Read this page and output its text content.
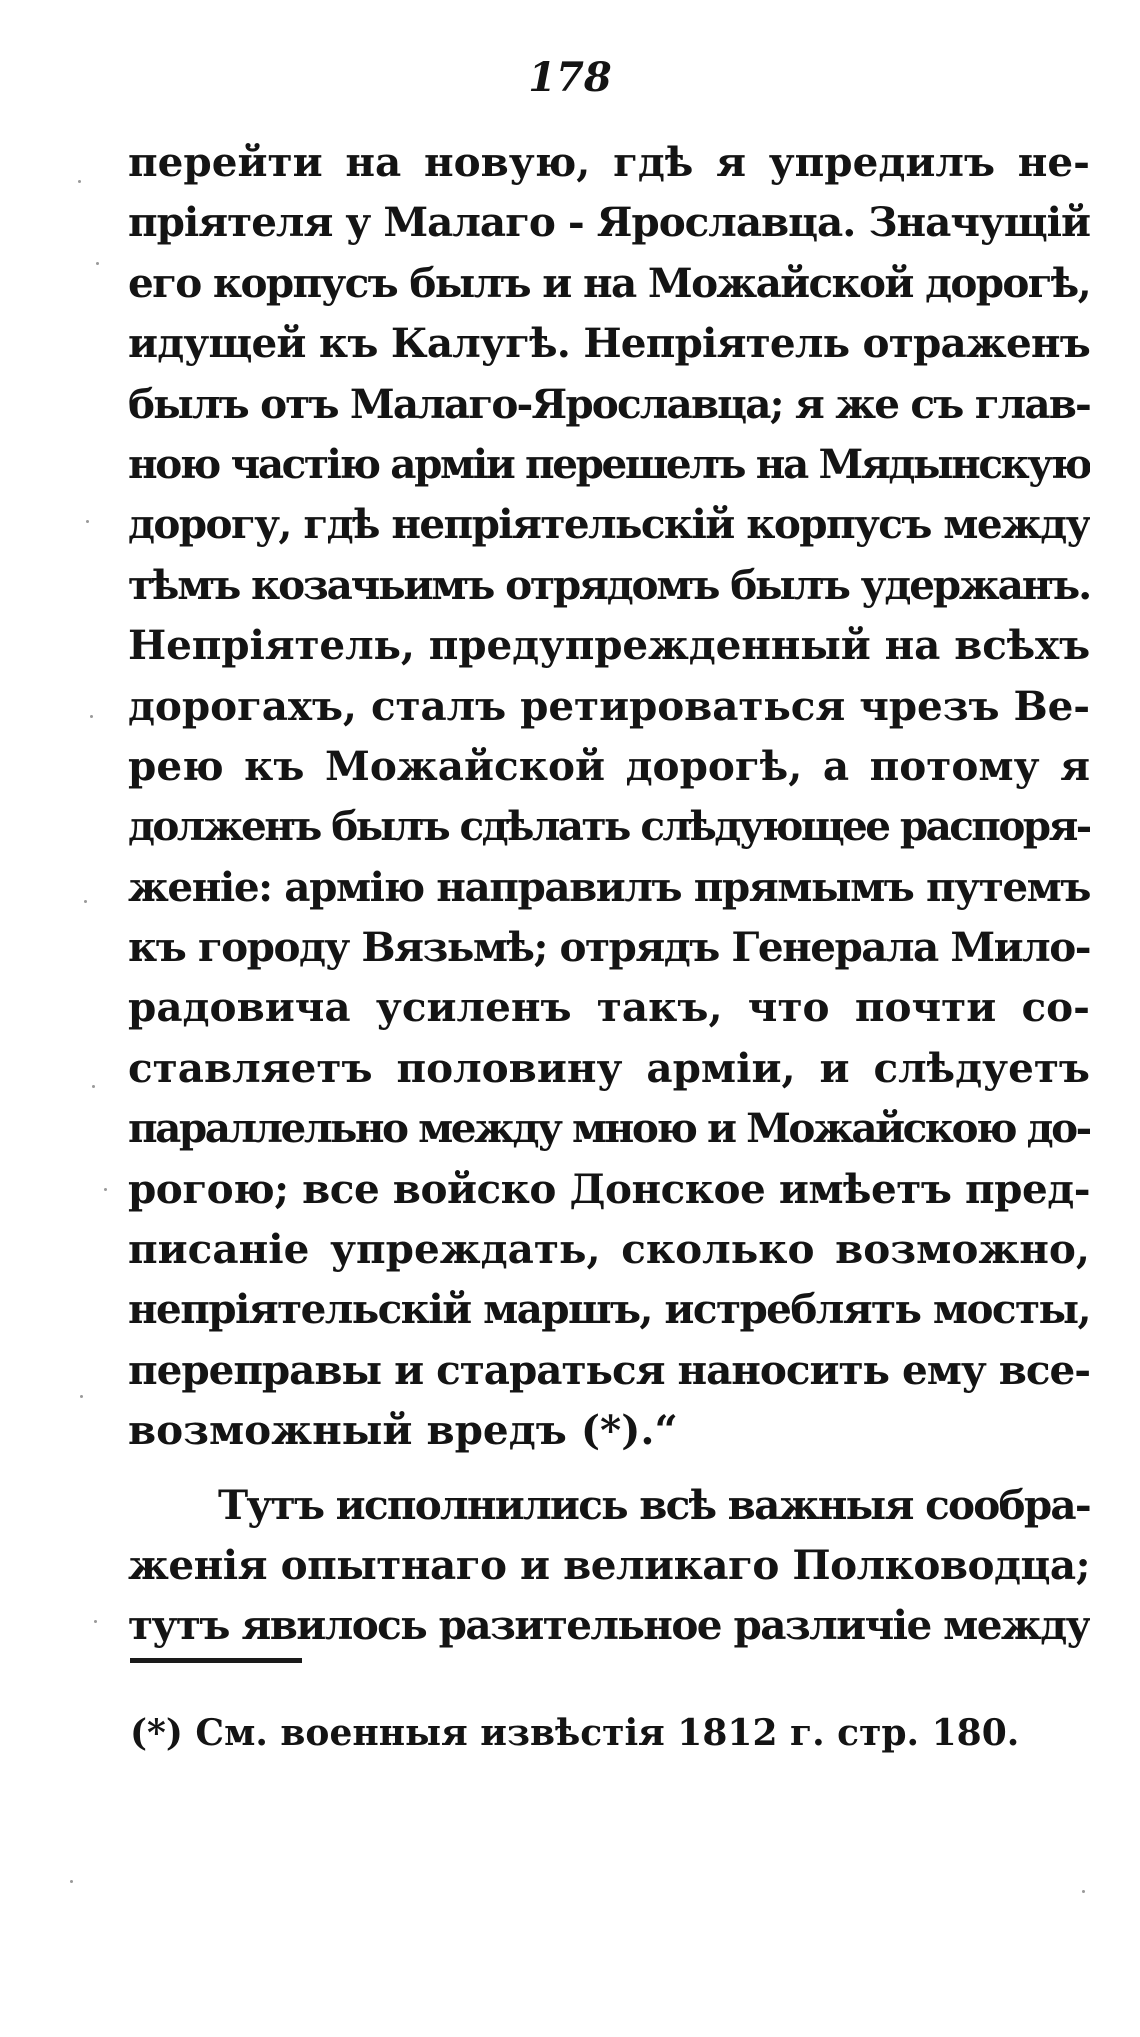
178
перейти на новую, гдѣ я упредилъ не-
пріятеля у Малаго - Ярославца. Значущій
его корпусъ былъ и на Можайской дорогѣ,
идущей къ Калугѣ. Непріятель отраженъ
былъ отъ Малаго-Ярославца; я же съ глав-
ною частію арміи перешелъ на Мядынскую
дорогу, гдѣ непріятельскій корпусъ между
тѣмъ козачьимъ отрядомъ былъ удержанъ.
Непріятель, предупрежденный на всѣхъ
дорогахъ, сталъ ретироваться чрезъ Ве-
рею къ Можайской дорогѣ, а потому я
долженъ былъ сдѣлать слѣдующее распоря-
женіе: армію направилъ прямымъ путемъ
къ городу Вязьмѣ; отрядъ Генерала Мило-
радовича усиленъ такъ, что почти со-
ставляетъ половину арміи, и слѣдуетъ
параллельно между мною и Можайскою до-
рогою; все войско Донское имѣетъ пред-
писаніе упреждать, сколько возможно,
непріятельскій маршъ, истреблять мосты,
переправы и стараться наносить ему все-
возможный вредъ (*).“
Тутъ исполнились всѣ важныя сообра-
женія опытнаго и великаго Полководца;
тутъ явилось разительное различіе между
(*) См. военныя извѣстія 1812 г. стр. 180.
